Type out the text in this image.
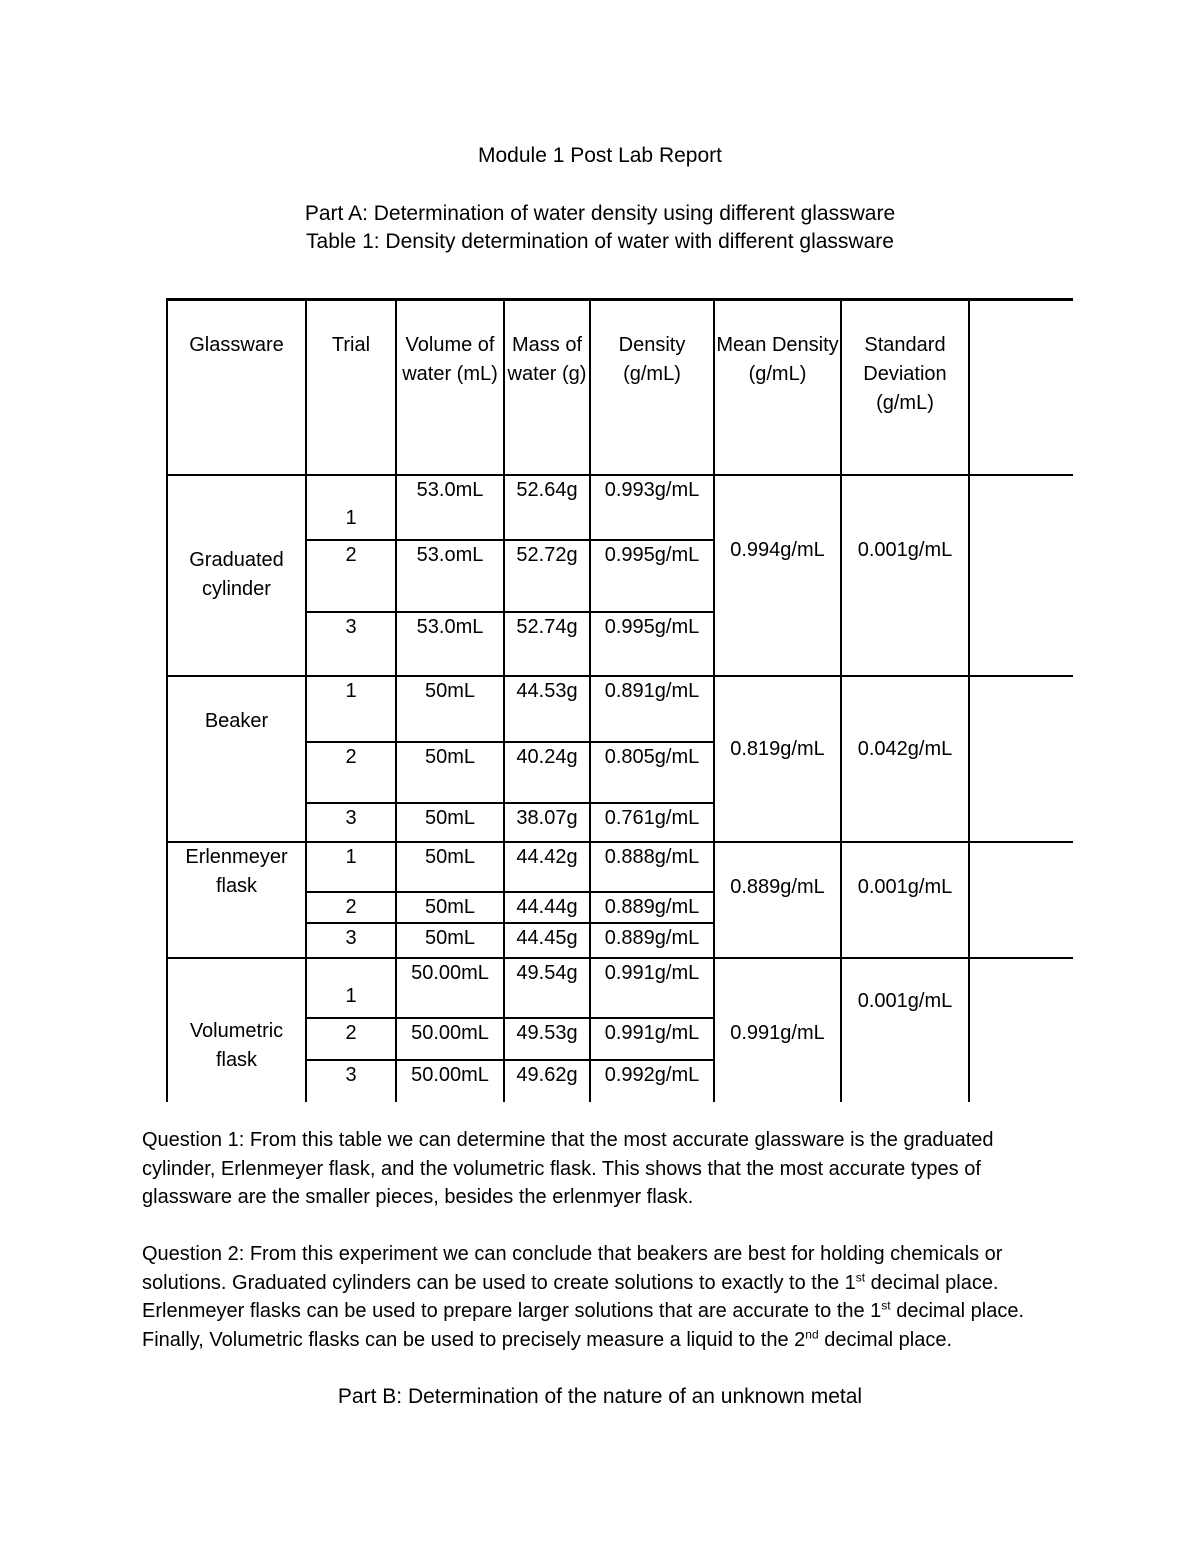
Module 1 Post Lab Report
Part A: Determination of water density using different glassware
Table 1: Density determination of water with different glassware
Glassware	Trial	Volume of water (mL)	Mass of water (g)	Density (g/mL)	Mean Density (g/mL)	Standard Deviation (g/mL)	
Graduated cylinder	1	53.0mL	52.64g	0.993g/mL	0.994g/mL	0.001g/mL	
	2	53.omL	52.72g	0.995g/mL			
	3	53.0mL	52.74g	0.995g/mL			
Beaker	1	50mL	44.53g	0.891g/mL	0.819g/mL	0.042g/mL	
	2	50mL	40.24g	0.805g/mL			
	3	50mL	38.07g	0.761g/mL			
Erlenmeyer flask	1	50mL	44.42g	0.888g/mL	0.889g/mL	0.001g/mL	
	2	50mL	44.44g	0.889g/mL			
	3	50mL	44.45g	0.889g/mL			
Volumetric flask	1	50.00mL	49.54g	0.991g/mL	0.991g/mL	0.001g/mL	
	2	50.00mL	49.53g	0.991g/mL			
	3	50.00mL	49.62g	0.992g/mL			
Question 1: From this table we can determine that the most accurate glassware is the graduated cylinder, Erlenmeyer flask, and the volumetric flask. This shows that the most accurate types of glassware are the smaller pieces, besides the erlenmyer flask.
Question 2: From this experiment we can conclude that beakers are best for holding chemicals or solutions. Graduated cylinders can be used to create solutions to exactly to the 1st decimal place. Erlenmeyer flasks can be used to prepare larger solutions that are accurate to the 1st decimal place. Finally, Volumetric flasks can be used to precisely measure a liquid to the 2nd decimal place.
Part B: Determination of the nature of an unknown metal
